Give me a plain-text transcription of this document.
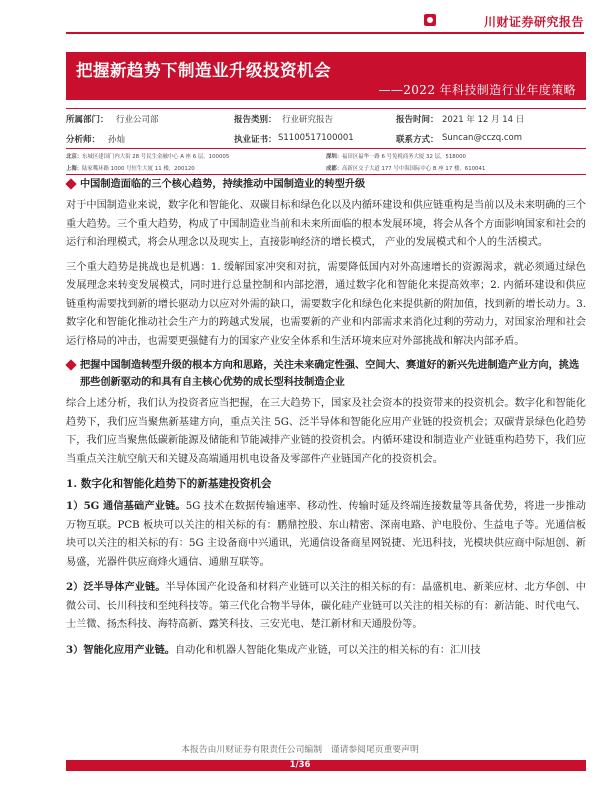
川财证券研究报告
把握新趋势下制造业升级投资机会
——2022 年科技制造行业年度策略
所属部门： 行业公司部	报告类别： 行业研究报告	报告时间： 2021 年 12 月 14 日
分析师： 孙灿	执业证书： S1100517100001	联系方式： Suncan@cczq.com
北京： 东城区建国门内大街 28 号民生金融中心 A 座 6 层，100005	深圳： 福田区福华一路 6 号免税商务大厦 32 层，518000
上海： 陆家嘴环路 1000 号恒生大厦 11 楼，200120	成都： 高新区交子大道 177 号中海国际中心 B 座 17 楼，610041
中国制造面临的三个核心趋势，持续推动中国制造业的转型升级

对于中国制造业来说，数字化和智能化、双碳目标和绿色化以及内循环建设和供应链重构是当前以及未来明确的三个重大趋势。三个重大趋势，构成了中国制造业当前和未来所面临的根本发展环境，将会从各个方面影响国家和社会的运行和治理模式，将会从理念以及现实上，直接影响经济的增长模式， 产业的发展模式和个人的生活模式。

三个重大趋势是挑战也是机遇：1. 缓解国家冲突和对抗，需要降低国内对外高速增长的资源渴求，就必须通过绿色发展理念来转变发展模式，同时进行总量控制和内部挖潜，通过数字化和智能化来提高效率；2. 内循环建设和供应链重构需要找到新的增长驱动力以应对外需的缺口，需要数字化和绿色化来提供新的附加值，找到新的增长动力。3. 数字化和智能化推动社会生产力的跨越式发展，也需要新的产业和内部需求来消化过剩的劳动力，对国家治理和社会运行格局的冲击，也需要更强健有力的国家产业安全体系和生活环境来应对外部挑战和解决内部矛盾。

把握中国制造转型升级的根本方向和思路，关注未来确定性强、空间大、赛道好的新兴先进制造产业方向，挑选那些创新驱动的和具有自主核心优势的成长型科技制造企业

综合上述分析，我们认为投资者应当把握，在三大趋势下，国家及社会资本的投资带来的投资机会。数字化和智能化趋势下，我们应当聚焦新基建方向，重点关注 5G、泛半导体和智能化应用产业链的投资机会；双碳背景绿色化趋势下，我们应当聚焦低碳新能源及储能和节能减排产业链的投资机会。内循环建设和制造业产业链重构趋势下，我们应当重点关注航空航天和关键及高端通用机电设备及零部件产业链国产化的投资机会。

1. 数字化和智能化趋势下的新基建投资机会

1）5G 通信基础产业链。5G 技术在数据传输速率、移动性、传输时延及终端连接数量等具备优势，将进一步推动万物互联。PCB 板块可以关注的相关标的有：鹏鼎控股、东山精密、深南电路、沪电股份、生益电子等。光通信板块可以关注的相关标的有：5G 主设备商中兴通讯，光通信设备商星网锐捷、光迅科技，光模块供应商中际旭创、新易盛，光器件供应商烽火通信、通鼎互联等。

2）泛半导体产业链。半导体国产化设备和材料产业链可以关注的相关标的有：晶盛机电、新莱应材、北方华创、中微公司、长川科技和至纯科技等。第三代化合物半导体，碳化硅产业链可以关注的相关标的有：新洁能、时代电气、士兰微、扬杰科技、海特高新、露笑科技、三安光电、楚江新材和天通股份等。

3）智能化应用产业链。自动化和机器人智能化集成产业链，可以关注的相关标的有：汇川技

本报告由川财证券有限责任公司编制　谨请参阅尾页重要声明
1/36
